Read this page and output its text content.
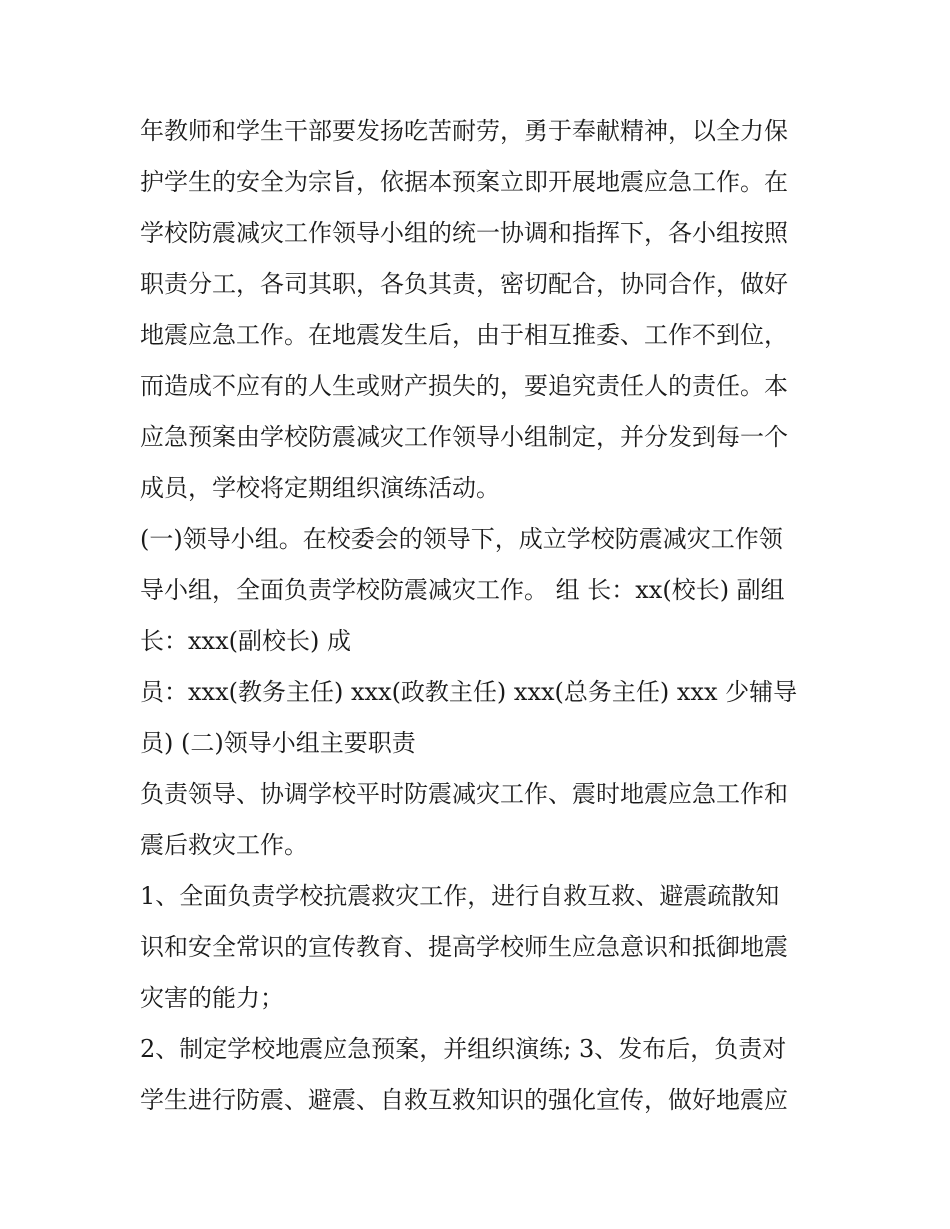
年教师和学生干部要发扬吃苦耐劳，勇于奉献精神，以全力保
护学生的安全为宗旨，依据本预案立即开展地震应急工作。在
学校防震减灾工作领导小组的统一协调和指挥下，各小组按照
职责分工，各司其职，各负其责，密切配合，协同合作，做好
地震应急工作。在地震发生后，由于相互推委、工作不到位，
而造成不应有的人生或财产损失的，要追究责任人的责任。本
应急预案由学校防震减灾工作领导小组制定，并分发到每一个
成员，学校将定期组织演练活动。
(一)领导小组。在校委会的领导下，成立学校防震减灾工作领
导小组，全面负责学校防震减灾工作。 组 长：xx(校长) 副组
长：xxx(副校长) 成
员：xxx(教务主任) xxx(政教主任) xxx(总务主任) xxx 少辅导
员) (二)领导小组主要职责
负责领导、协调学校平时防震减灾工作、震时地震应急工作和
震后救灾工作。
1、全面负责学校抗震救灾工作，进行自救互救、避震疏散知
识和安全常识的宣传教育、提高学校师生应急意识和抵御地震
灾害的能力；
2、制定学校地震应急预案，并组织演练; 3、发布后，负责对
学生进行防震、避震、自救互救知识的强化宣传，做好地震应
